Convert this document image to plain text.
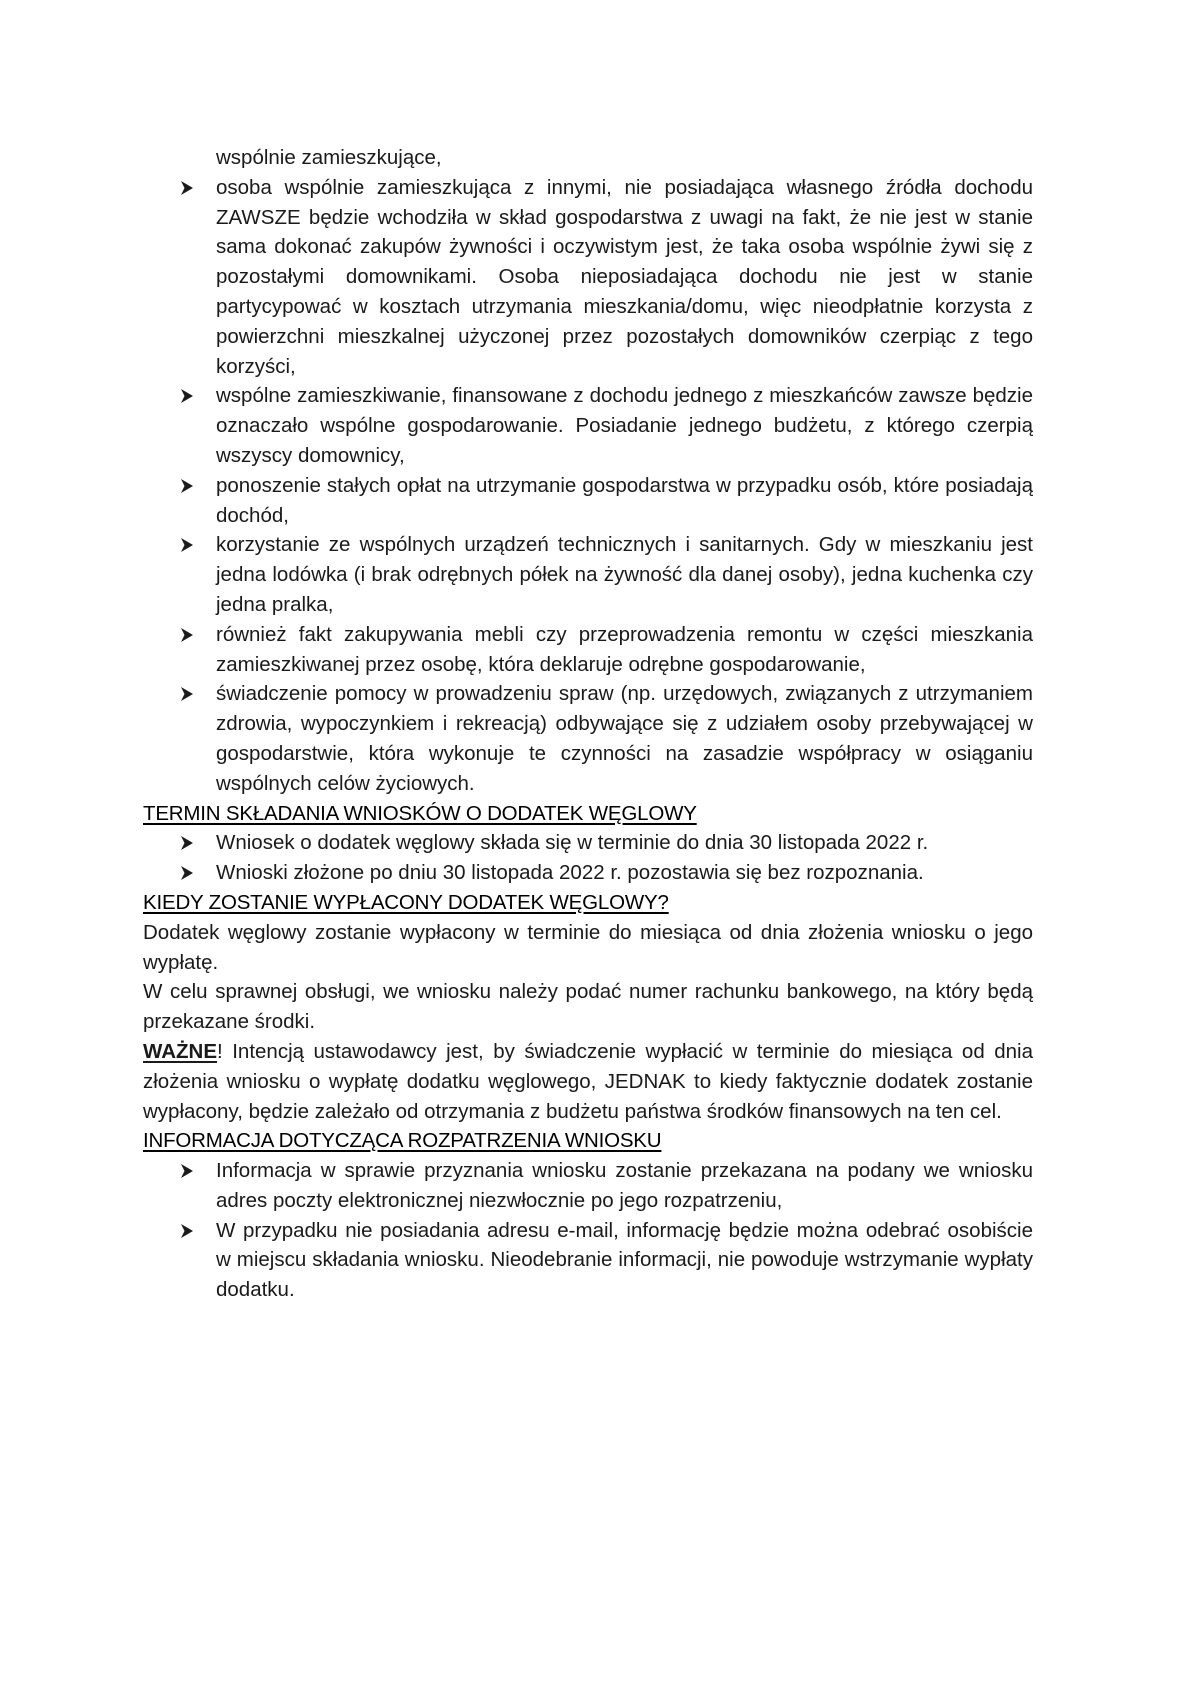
wspólnie zamieszkujące,

osoba wspólnie zamieszkująca z innymi, nie posiadająca własnego źródła dochodu ZAWSZE będzie wchodziła w skład gospodarstwa z uwagi na fakt, że nie jest w stanie sama dokonać zakupów żywności i oczywistym jest, że taka osoba wspólnie żywi się z pozostałymi domownikami. Osoba nieposiadająca dochodu nie jest w stanie partycypować w kosztach utrzymania mieszkania/domu, więc nieodpłatnie korzysta z powierzchni mieszkalnej użyczonej przez pozostałych domowników czerpiąc z tego korzyści,
wspólne zamieszkiwanie, finansowane z dochodu jednego z mieszkańców zawsze będzie oznaczało wspólne gospodarowanie. Posiadanie jednego budżetu, z którego czerpią wszyscy domownicy,
ponoszenie stałych opłat na utrzymanie gospodarstwa w przypadku osób, które posiadają dochód,
korzystanie ze wspólnych urządzeń technicznych i sanitarnych. Gdy w mieszkaniu jest jedna lodówka (i brak odrębnych półek na żywność dla danej osoby), jedna kuchenka czy jedna pralka,
również fakt zakupywania mebli czy przeprowadzenia remontu w części mieszkania zamieszkiwanej przez osobę, która deklaruje odrębne gospodarowanie,
świadczenie pomocy w prowadzeniu spraw (np. urzędowych, związanych z utrzymaniem zdrowia, wypoczynkiem i rekreacją) odbywające się z udziałem osoby przebywającej w gospodarstwie, która wykonuje te czynności na zasadzie współpracy w osiąganiu wspólnych celów życiowych.
TERMIN SKŁADANIA WNIOSKÓW O DODATEK WĘGLOWY
Wniosek o dodatek węglowy składa się w terminie do dnia 30 listopada 2022 r.
Wnioski złożone po dniu 30 listopada 2022 r. pozostawia się bez rozpoznania.
KIEDY ZOSTANIE WYPŁACONY DODATEK WĘGLOWY?

Dodatek węglowy zostanie wypłacony w terminie do miesiąca od dnia złożenia wniosku o jego wypłatę.

W celu sprawnej obsługi, we wniosku należy podać numer rachunku bankowego, na który będą przekazane środki.

WAŻNE! Intencją ustawodawcy jest, by świadczenie wypłacić w terminie do miesiąca od dnia złożenia wniosku o wypłatę dodatku węglowego, JEDNAK to kiedy faktycznie dodatek zostanie wypłacony, będzie zależało od otrzymania z budżetu państwa środków finansowych na ten cel.

INFORMACJA DOTYCZĄCA ROZPATRZENIA WNIOSKU
Informacja w sprawie przyznania wniosku zostanie przekazana na podany we wniosku adres poczty elektronicznej niezwłocznie po jego rozpatrzeniu,
W przypadku nie posiadania adresu e-mail, informację będzie można odebrać osobiście w miejscu składania wniosku. Nieodebranie informacji, nie powoduje wstrzymanie wypłaty dodatku.
